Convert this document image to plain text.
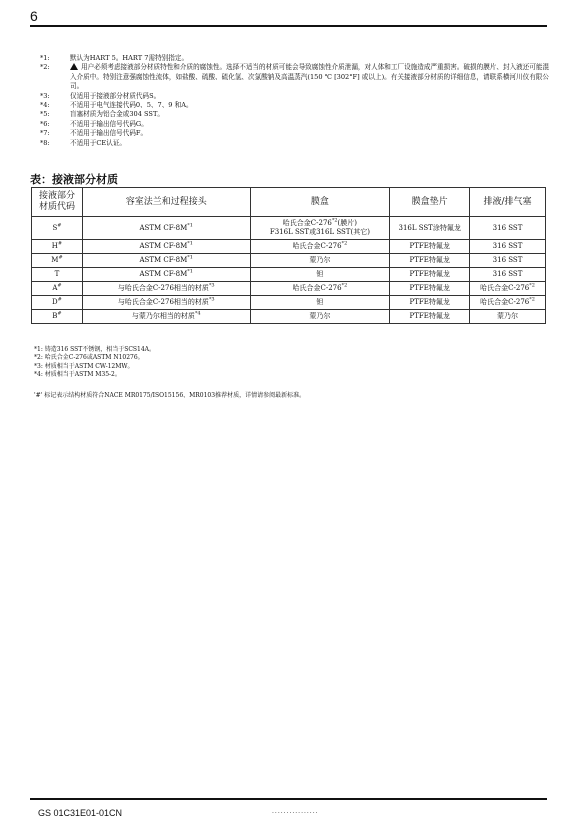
6
*1:	默认为HART 5。HART 7需特别指定。
*2:	用户必须考虑接液部分材质特性和介质的腐蚀性。选择不适当的材质可能会导致腐蚀性介质泄漏，对人体和工厂设施造成严重损害。破损的膜片、封入液还可能混入介质中。特别注意强腐蚀性流体，如盐酸、硫酸、硫化氢、次氯酸钠及高温蒸汽(150 ℃ [302°F] 或以上)。有关接液部分材质的详细信息，请联系横河川仪有限公司。
*3:	仅适用于接液部分材质代码S。
*4:	不适用于电气连接代码0、5、7、9 和A。
*5:	盲塞材质为铝合金或304 SST。
*6:	不适用于输出信号代码G。
*7:	不适用于输出信号代码F。
*8:	不适用于CE认证。
表：接液部分材质
接液部分
材质代码	容室法兰和过程接头	膜盒	膜盒垫片	排液/排气塞
S#	ASTM $CF-8M^{*1}$	哈氏合金C-276$^{*2}$(膜片)
F316L SST或316L SST(其它)	316L SST涂特氟龙	316 SST
H#	ASTM $CF-8M^{*1}$	哈氏合金C-276$^{*2}$	PTFE特氟龙	316 SST
M#	ASTM $CF-8M^{*1}$	蒙乃尔	PTFE特氟龙	316 SST
T	ASTM $CF-8M^{*1}$	钽	PTFE特氟龙	316 SST
A#	与哈氏合金C-276相当的材质$^{*3}$	哈氏合金C-276$^{*2}$	PTFE特氟龙	哈氏合金C-276$^{*2}$
D#	与哈氏合金C-276相当的材质$^{*3}$	钽	PTFE特氟龙	哈氏合金C-276$^{*2}$
B#	与蒙乃尔相当的材质$^{*4}$	蒙乃尔	PTFE特氟龙	蒙乃尔
*1: 铸造316 SST不锈钢，相当于SCS14A。
*2: 哈氏合金C-276或ASTM N10276。
*3: 材质相当于ASTM CW-12MW。
*4: 材质相当于ASTM M35-2。
'#' 标记表示结构材质符合NACE MR0175/ISO15156、MR0103推荐材质，详情请参阅最新标准。
GS 01C31E01-01CN	................
